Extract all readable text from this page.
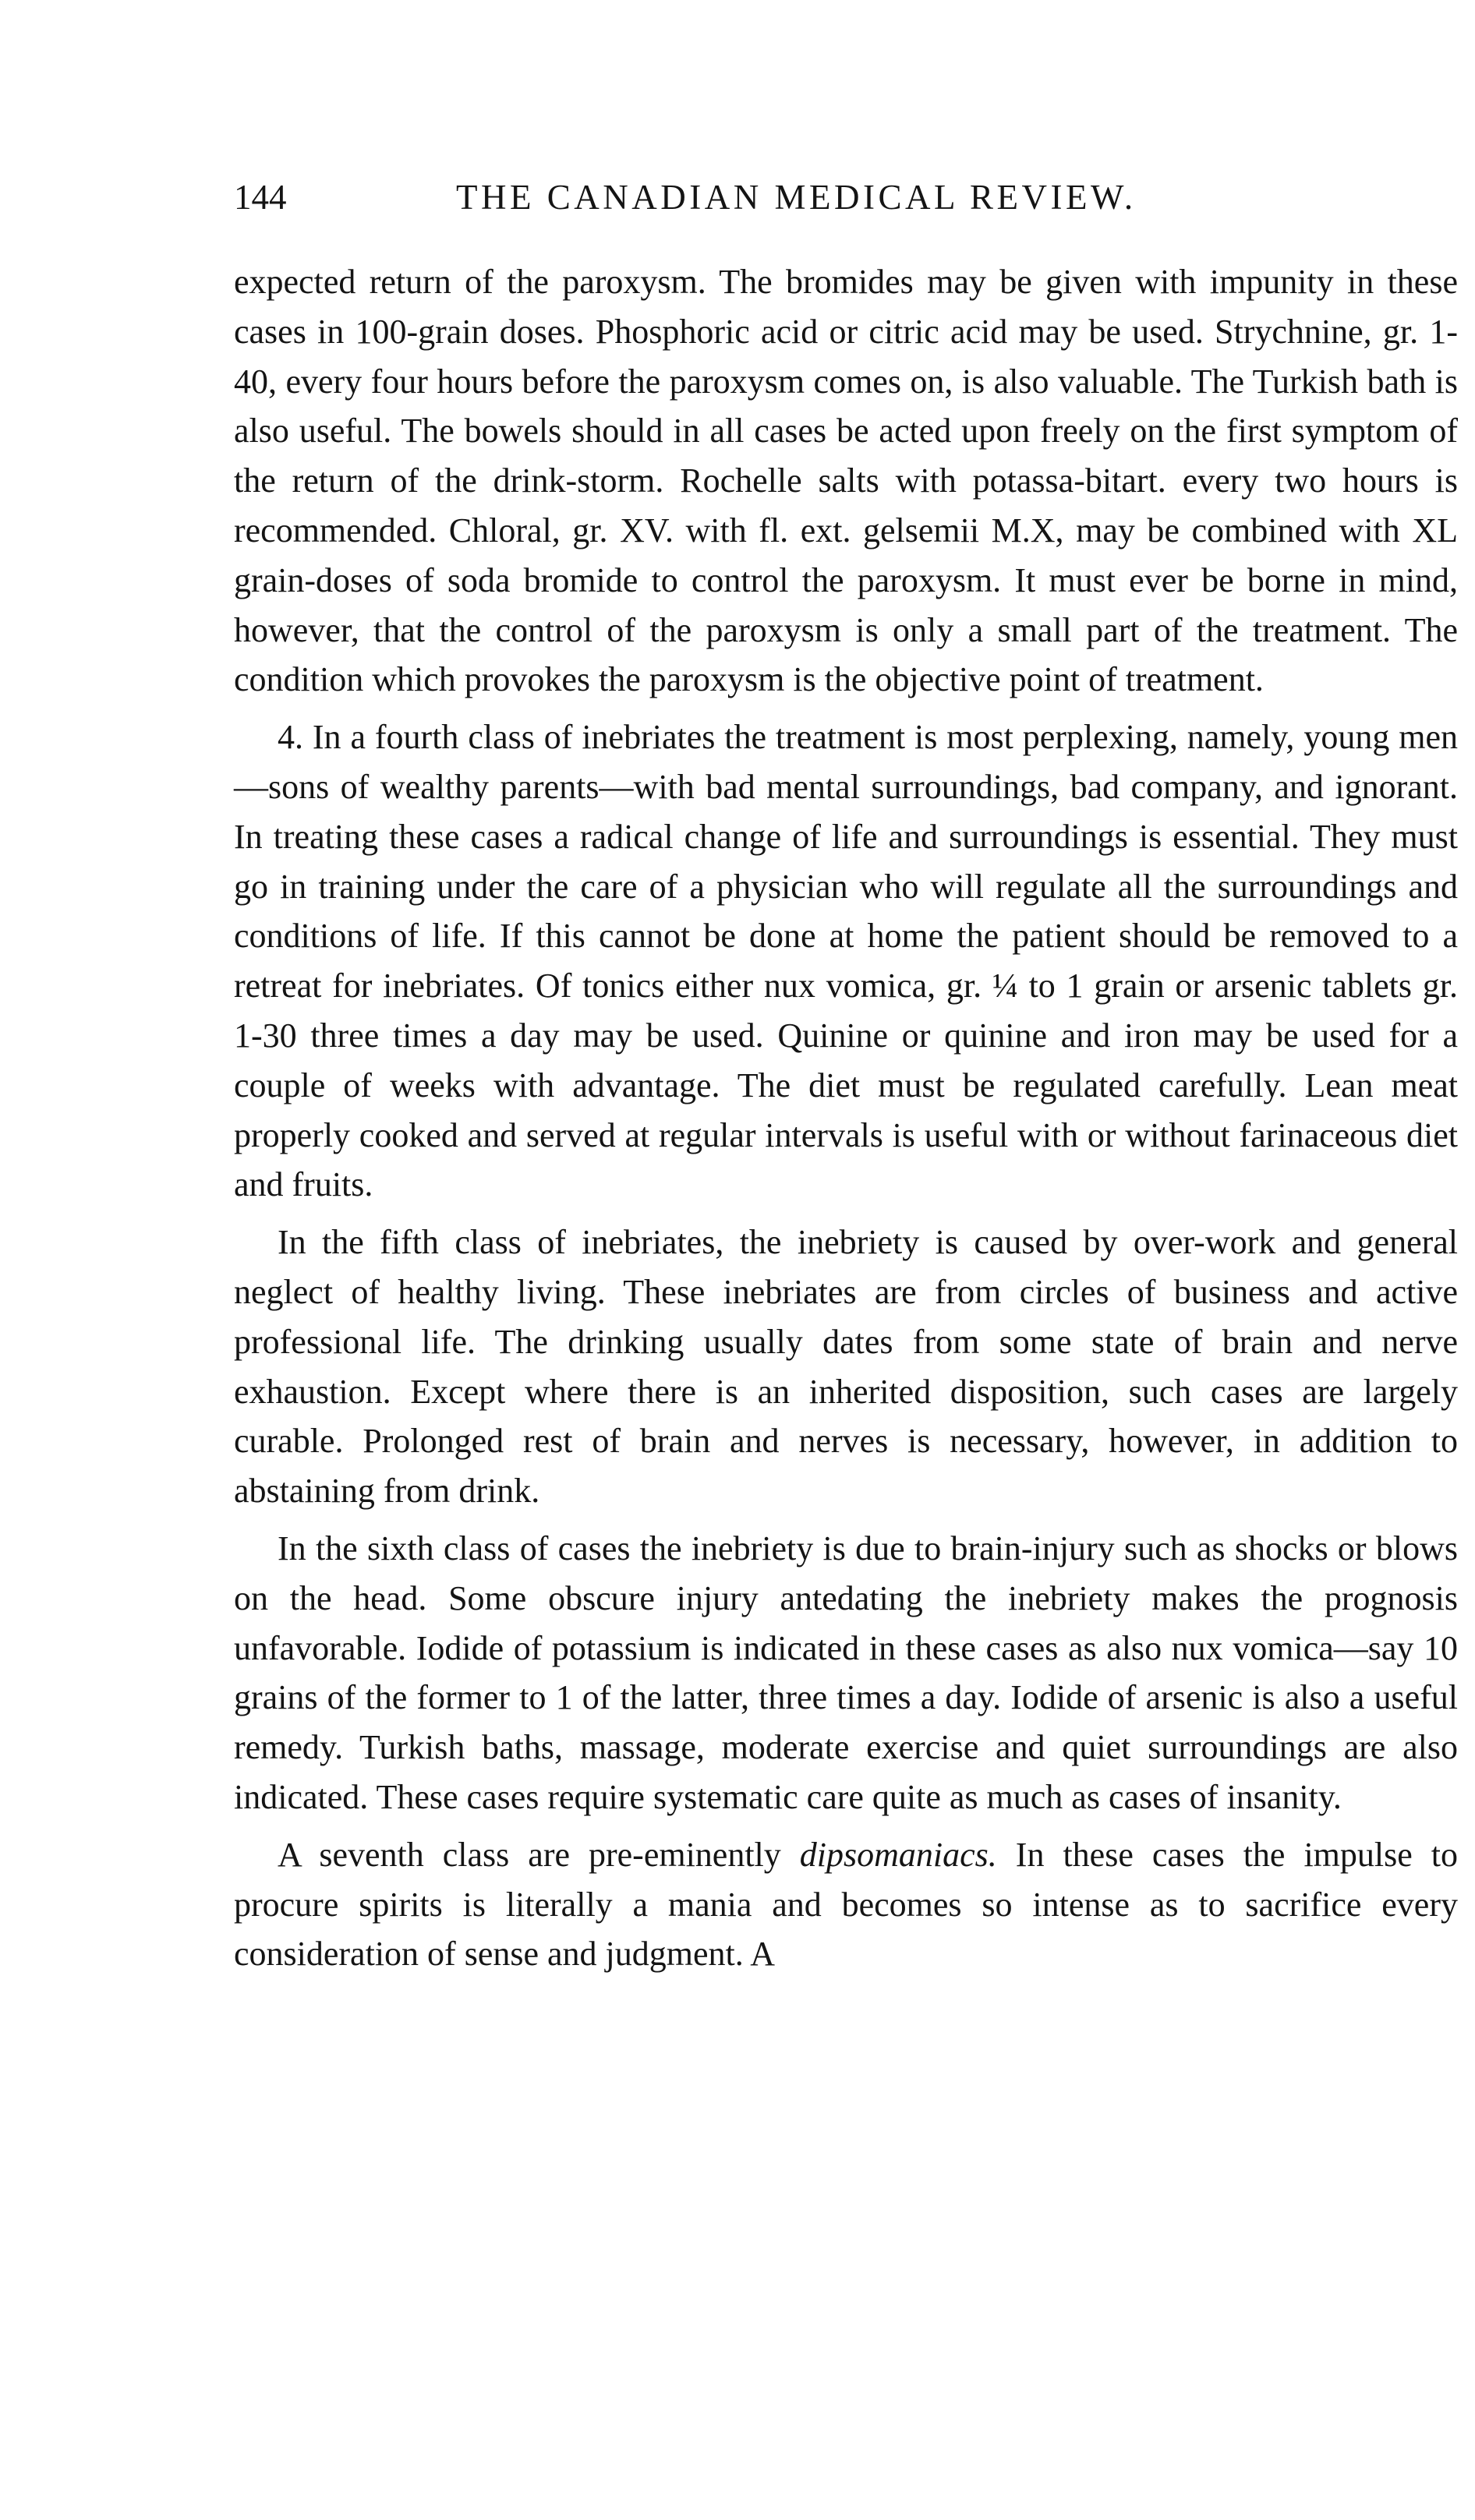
144	THE CANADIAN MEDICAL REVIEW.

expected return of the paroxysm. The bromides may be given with impunity in these cases in 100-grain doses. Phosphoric acid or citric acid may be used. Strychnine, gr. 1-40, every four hours before the paroxysm comes on, is also valuable. The Turkish bath is also useful. The bowels should in all cases be acted upon freely on the first symptom of the return of the drink-storm. Rochelle salts with potassa-bitart. every two hours is recommended. Chloral, gr. XV. with fl. ext. gelsemii M.X, may be combined with XL grain-doses of soda bromide to control the paroxysm. It must ever be borne in mind, however, that the control of the paroxysm is only a small part of the treatment. The condition which provokes the paroxysm is the objective point of treatment.

4. In a fourth class of inebriates the treatment is most perplexing, namely, young men—sons of wealthy parents—with bad mental surroundings, bad company, and ignorant. In treating these cases a radical change of life and surroundings is essential. They must go in training under the care of a physician who will regulate all the surroundings and conditions of life. If this cannot be done at home the patient should be removed to a retreat for inebriates. Of tonics either nux vomica, gr. ¼ to 1 grain or arsenic tablets gr. 1-30 three times a day may be used. Quinine or quinine and iron may be used for a couple of weeks with advantage. The diet must be regulated carefully. Lean meat properly cooked and served at regular intervals is useful with or without farinaceous diet and fruits.

In the fifth class of inebriates, the inebriety is caused by over-work and general neglect of healthy living. These inebriates are from circles of business and active professional life. The drinking usually dates from some state of brain and nerve exhaustion. Except where there is an inherited disposition, such cases are largely curable. Prolonged rest of brain and nerves is necessary, however, in addition to abstaining from drink.

In the sixth class of cases the inebriety is due to brain-injury such as shocks or blows on the head. Some obscure injury antedating the inebriety makes the prognosis unfavorable. Iodide of potassium is indicated in these cases as also nux vomica—say 10 grains of the former to 1 of the latter, three times a day. Iodide of arsenic is also a useful remedy. Turkish baths, massage, moderate exercise and quiet surroundings are also indicated. These cases require systematic care quite as much as cases of insanity.

A seventh class are pre-eminently dipsomaniacs. In these cases the impulse to procure spirits is literally a mania and becomes so intense as to sacrifice every consideration of sense and judgment. A
